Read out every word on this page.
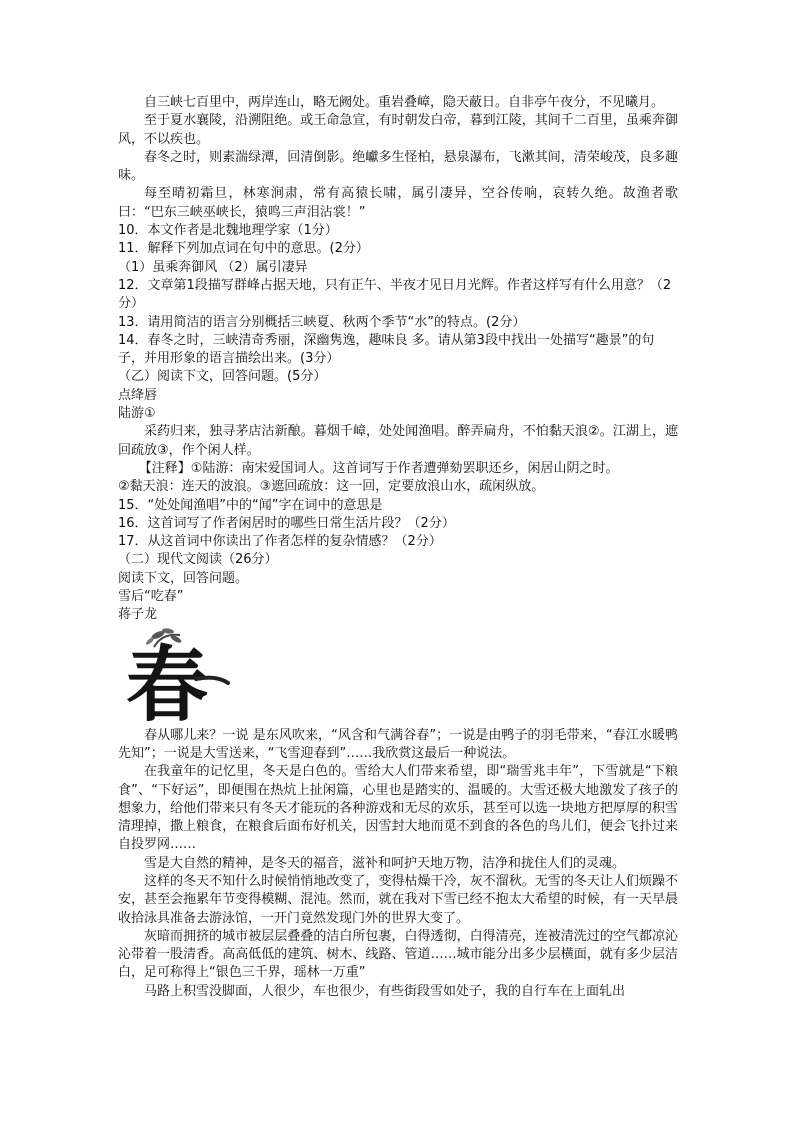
自三峡七百里中，两岸连山，略无阙处。重岩叠嶂，隐天蔽日。自非亭午夜分，不见曦月。

至于夏水襄陵，沿溯阻绝。或王命急宣，有时朝发白帝，暮到江陵，其间千二百里，虽乘奔御风，不以疾也。

春冬之时，则素湍绿潭，回清倒影。绝巘多生怪柏，悬泉瀑布，飞漱其间，清荣峻茂，良多趣味。

每至晴初霜旦，林寒涧肃，常有高猿长啸，属引凄异，空谷传响，哀转久绝。故渔者歌曰：“巴东三峡巫峡长，猿鸣三声泪沾裳！”

10．本文作者是北魏地理学家（1分）

11．解释下列加点词在句中的意思。(2分）

（1）虽乘奔御风 （2）属引凄异

12．文章第1段描写群峰占据天地，只有正午、半夜才见日月光辉。作者这样写有什么用意？（2分）

13．请用简洁的语言分别概括三峡夏、秋两个季节“水”的特点。(2分）

14．春冬之时，三峡清奇秀丽，深幽隽逸，趣味良 多。请从第3段中找出一处描写“趣景”的句子，并用形象的语言描绘出来。(3分）

（乙）阅读下文，回答问题。(5分）

点绛唇

陆游①

采药归来，独寻茅店沽新酿。暮烟千嶂，处处闻渔唱。醉弄扁舟，不怕黏天浪②。江湖上，遮回疏放③，作个闲人样。

【注释】①陆游：南宋爱国词人。这首词写于作者遭弹劾罢职还乡，闲居山阴之时。

②黏天浪：连天的波浪。③遮回疏放：这一回，定要放浪山水，疏闲纵放。

15．“处处闻渔唱”中的“闻”字在词中的意思是

16．这首词写了作者闲居时的哪些日常生活片段？（2分）

17．从这首词中你读出了作者怎样的复杂情感？（2分）

（二）现代文阅读（26分）

阅读下文，回答问题。

雪后“吃春”

蒋子龙

春

春从哪儿来？一说 是东风吹来，“风含和气满谷春”；一说是由鸭子的羽毛带来，“春江水暖鸭先知”；一说是大雪送来，“飞雪迎春到”……我欣赏这最后一种说法。

在我童年的记忆里，冬天是白色的。雪给大人们带来希望，即“瑞雪兆丰年”，下雪就是“下粮食”、“下好运”，即便围在热炕上扯闲篇，心里也是踏实的、温暖的。大雪还极大地激发了孩子的想象力，给他们带来只有冬天才能玩的各种游戏和无尽的欢乐，甚至可以选一块地方把厚厚的积雪清理掉，撒上粮食，在粮食后面布好机关，因雪封大地而觅不到食的各色的鸟儿们，便会飞扑过来自投罗网……

雪是大自然的精神，是冬天的福音，滋补和呵护天地万物，洁净和拢住人们的灵魂。

这样的冬天不知什么时候悄悄地改变了，变得枯燥干冷，灰不溜秋。无雪的冬天让人们烦躁不安，甚至会拖累年节变得模糊、混沌。然而，就在我对下雪已经不抱太大希望的时候，有一天早晨收拾泳具准备去游泳馆，一开门竟然发现门外的世界大变了。

灰暗而拥挤的城市被层层叠叠的洁白所包裹，白得透彻，白得清亮，连被清洗过的空气都凉沁沁带着一股清香。高高低低的建筑、树木、线路、管道……城市能分出多少层横面，就有多少层洁白，足可称得上“银色三千界，瑶林一万重”

马路上积雪没脚面，人很少，车也很少，有些街段雪如处子，我的自行车在上面轧出
